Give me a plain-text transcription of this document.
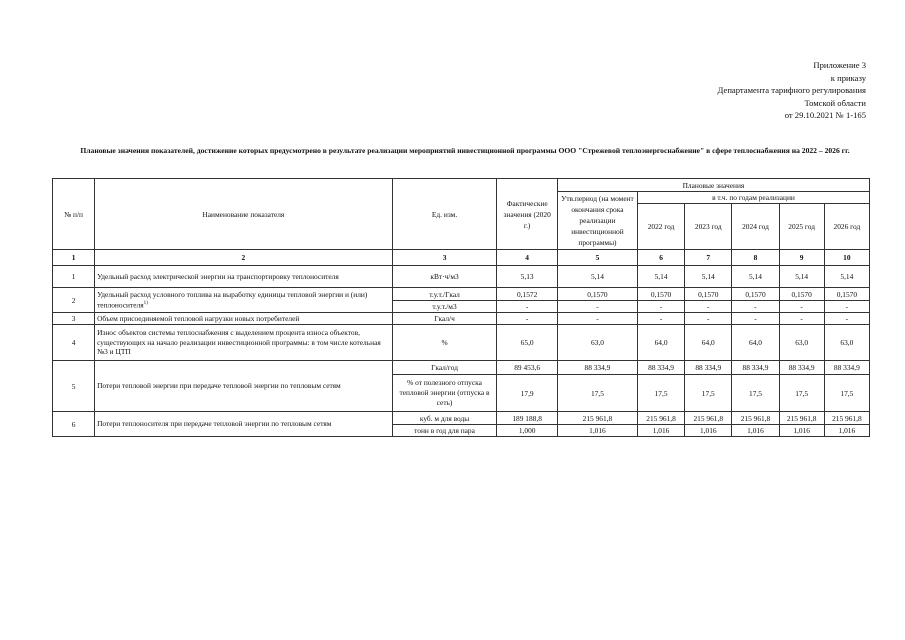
Приложение 3
к приказу
Департамента тарифного регулирования
Томской области
от 29.10.2021 № 1-165
Плановые значения показателей, достижение которых предусмотрено в результате реализации мероприятий инвестиционной программы ООО "Стрежевой теплоэнергоснабжение" в сфере теплоснабжения на 2022 – 2026 гг.
№ п/п	Наименование показателя	Ед. изм.	Фактические значения (2020 г.)	Плановые значения					
				Утв.период (на момент окончания срока реализации инвестиционной программы)	в т.ч. по годам реализации				
					2022 год	2023 год	2024 год	2025 год	2026 год
1	2	3	4	5	6	7	8	9	10
1	Удельный расход электрической энергии на транспортировку теплоносителя	кВт·ч/м3	5,13	5,14	5,14	5,14	5,14	5,14	5,14
2	Удельный расход условного топлива на выработку единицы тепловой энергии и (или) теплоносителя$^{1)}$	т.у.т./Гкал	0,1572	0,1570	0,1570	0,1570	0,1570	0,1570	0,1570
		т.у.т./м3	-	-	-	-	-	-	-
3	Объем присоединяемой тепловой нагрузки новых потребителей	Гкал/ч	-	-	-	-	-	-	-
4	Износ объектов системы теплоснабжения с выделением процента износа объектов, существующих на начало реализации инвестиционной программы: в том числе котельная №3 и ЦТП	%	65,0	63,0	64,0	64,0	64,0	63,0	63,0
5	Потери тепловой энергии при передаче тепловой энергии по тепловым сетям	Гкал/год	89 453,6	88 334,9	88 334,9	88 334,9	88 334,9	88 334,9	88 334,9
		% от полезного отпуска тепловой энергии (отпуска в сеть)	17,9	17,5	17,5	17,5	17,5	17,5	17,5
6	Потери теплоносителя при передаче тепловой энергии по тепловым сетям	куб. м для воды	189 188,8	215 961,8	215 961,8	215 961,8	215 961,8	215 961,8	215 961,8
		тонн в год для пара	1,000	1,016	1,016	1,016	1,016	1,016	1,016
